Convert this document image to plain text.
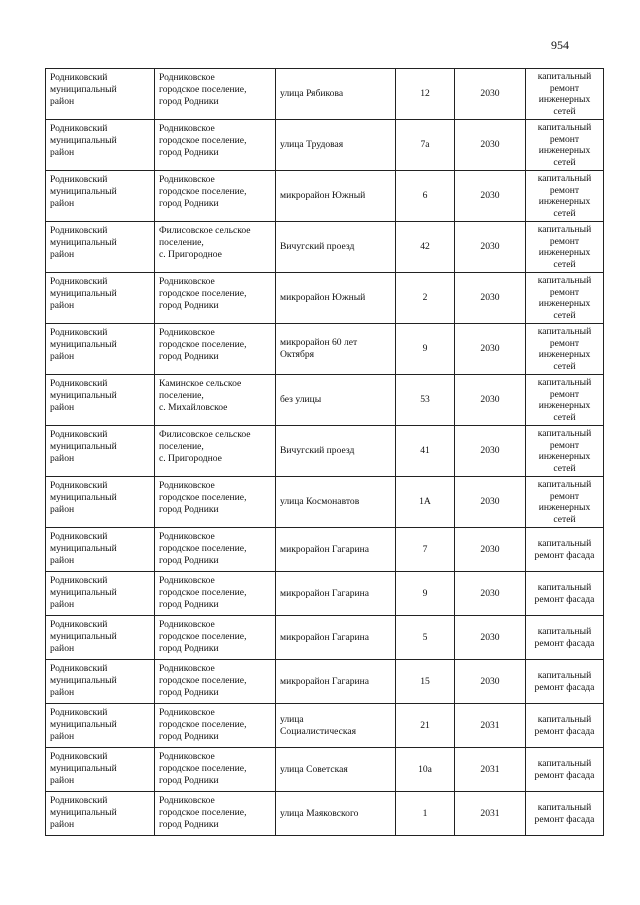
954
Родниковский
муниципальный
район	Родниковское
городское поселение,
город Родники	улица Рябикова	12	2030	капитальный
ремонт
инженерных
сетей

Родниковский
муниципальный
район	Родниковское
городское поселение,
город Родники	улица Трудовая	7а	2030	капитальный
ремонт
инженерных
сетей

Родниковский
муниципальный
район	Родниковское
городское поселение,
город Родники	микрорайон Южный	6	2030	капитальный
ремонт
инженерных
сетей

Родниковский
муниципальный
район	Филисовское сельское
поселение,
с. Пригородное	Вичугский проезд	42	2030	капитальный
ремонт
инженерных
сетей

Родниковский
муниципальный
район	Родниковское
городское поселение,
город Родники	микрорайон Южный	2	2030	капитальный
ремонт
инженерных
сетей

Родниковский
муниципальный
район	Родниковское
городское поселение,
город Родники	микрорайон 60 лет
Октября	9	2030	капитальный
ремонт
инженерных
сетей

Родниковский
муниципальный
район	Каминское сельское
поселение,
с. Михайловское	без улицы	53	2030	капитальный
ремонт
инженерных
сетей

Родниковский
муниципальный
район	Филисовское сельское
поселение,
с. Пригородное	Вичугский проезд	41	2030	капитальный
ремонт
инженерных
сетей

Родниковский
муниципальный
район	Родниковское
городское поселение,
город Родники	улица Космонавтов	1А	2030	капитальный
ремонт
инженерных
сетей

Родниковский
муниципальный
район	Родниковское
городское поселение,
город Родники	микрорайон Гагарина	7	2030	капитальный
ремонт фасада

Родниковский
муниципальный
район	Родниковское
городское поселение,
город Родники	микрорайон Гагарина	9	2030	капитальный
ремонт фасада

Родниковский
муниципальный
район	Родниковское
городское поселение,
город Родники	микрорайон Гагарина	5	2030	капитальный
ремонт фасада

Родниковский
муниципальный
район	Родниковское
городское поселение,
город Родники	микрорайон Гагарина	15	2030	капитальный
ремонт фасада

Родниковский
муниципальный
район	Родниковское
городское поселение,
город Родники	улица
Социалистическая	21	2031	капитальный
ремонт фасада

Родниковский
муниципальный
район	Родниковское
городское поселение,
город Родники	улица Советская	10а	2031	капитальный
ремонт фасада

Родниковский
муниципальный
район	Родниковское
городское поселение,
город Родники	улица Маяковского	1	2031	капитальный
ремонт фасада
